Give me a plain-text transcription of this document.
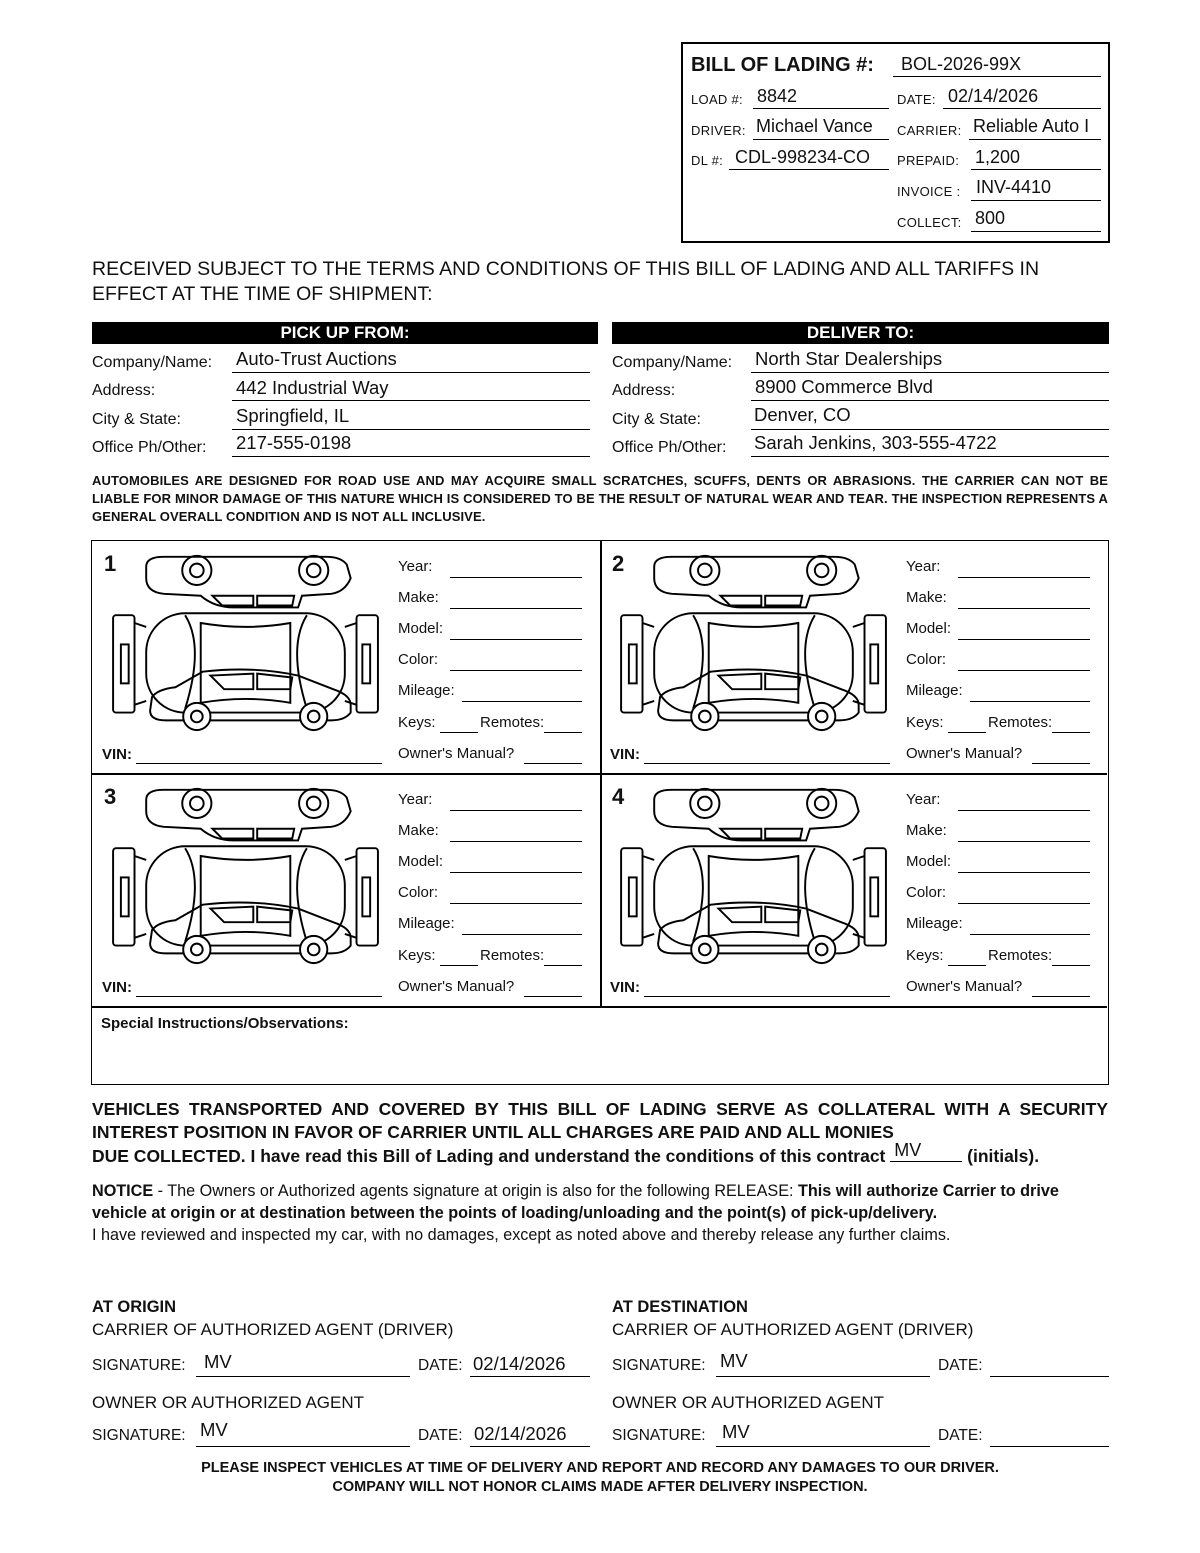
BILL OF LADING #: BOL-2026-99X
LOAD #: 8842	DATE: 02/14/2026
DRIVER: Michael Vance	CARRIER: Reliable Auto I
DL #: CDL-998234-CO	PREPAID: 1,200
INVOICE : INV-4410
COLLECT: 800
RECEIVED SUBJECT TO THE TERMS AND CONDITIONS OF THIS BILL OF LADING AND ALL TARIFFS IN EFFECT AT THE TIME OF SHIPMENT:
PICK UP FROM:	DELIVER TO:
Company/Name: Auto-Trust Auctions
Address:	442 Industrial Way
City & State:	Springfield, IL
Office Ph/Other: 217-555-0198
Company/Name: North Star Dealerships
Address:	8900 Commerce Blvd
City & State:	Denver, CO
Office Ph/Other: Sarah Jenkins, 303-555-4722
AUTOMOBILES ARE DESIGNED FOR ROAD USE AND MAY ACQUIRE SMALL SCRATCHES, SCUFFS, DENTS OR ABRASIONS. THE CARRIER CAN NOT BE LIABLE FOR MINOR DAMAGE OF THIS NATURE WHICH IS CONSIDERED TO BE THE RESULT OF NATURAL WEAR AND TEAR. THE INSPECTION REPRESENTS A GENERAL OVERALL CONDITION AND IS NOT ALL INCLUSIVE.
1	Year:
Make:
Model:
Color:
Mileage:
Keys:	Remotes:
Owner's Manual?
VIN:
2	Year:
Make:
Model:
Color:
Mileage:
Keys:	Remotes:
Owner's Manual?
VIN:
3	Year:
Make:
Model:
Color:
Mileage:
Keys:	Remotes:
Owner's Manual?
VIN:
4	Year:
Make:
Model:
Color:
Mileage:
Keys:	Remotes:
Owner's Manual?
VIN:
Special Instructions/Observations:
VEHICLES TRANSPORTED AND COVERED BY THIS BILL OF LADING SERVE AS COLLATERAL WITH A SECURITY INTEREST POSITION IN FAVOR OF CARRIER UNTIL ALL CHARGES ARE PAID AND ALL MONIES
DUE COLLECTED. I have read this Bill of Lading and understand the conditions of this contract MV	(initials).
NOTICE - The Owners or Authorized agents signature at origin is also for the following RELEASE: This will authorize Carrier to drive vehicle at origin or at destination between the points of loading/unloading and the point(s) of pick-up/delivery.
I have reviewed and inspected my car, with no damages, except as noted above and thereby release any further claims.
AT ORIGIN
CARRIER OF AUTHORIZED AGENT (DRIVER)
SIGNATURE: MV	DATE: 02/14/2026
OWNER OR AUTHORIZED AGENT
SIGNATURE: MV	DATE: 02/14/2026
AT DESTINATION
CARRIER OF AUTHORIZED AGENT (DRIVER)
SIGNATURE: MV	DATE:
OWNER OR AUTHORIZED AGENT
SIGNATURE: MV	DATE:
PLEASE INSPECT VEHICLES AT TIME OF DELIVERY AND REPORT AND RECORD ANY DAMAGES TO OUR DRIVER.
COMPANY WILL NOT HONOR CLAIMS MADE AFTER DELIVERY INSPECTION.
